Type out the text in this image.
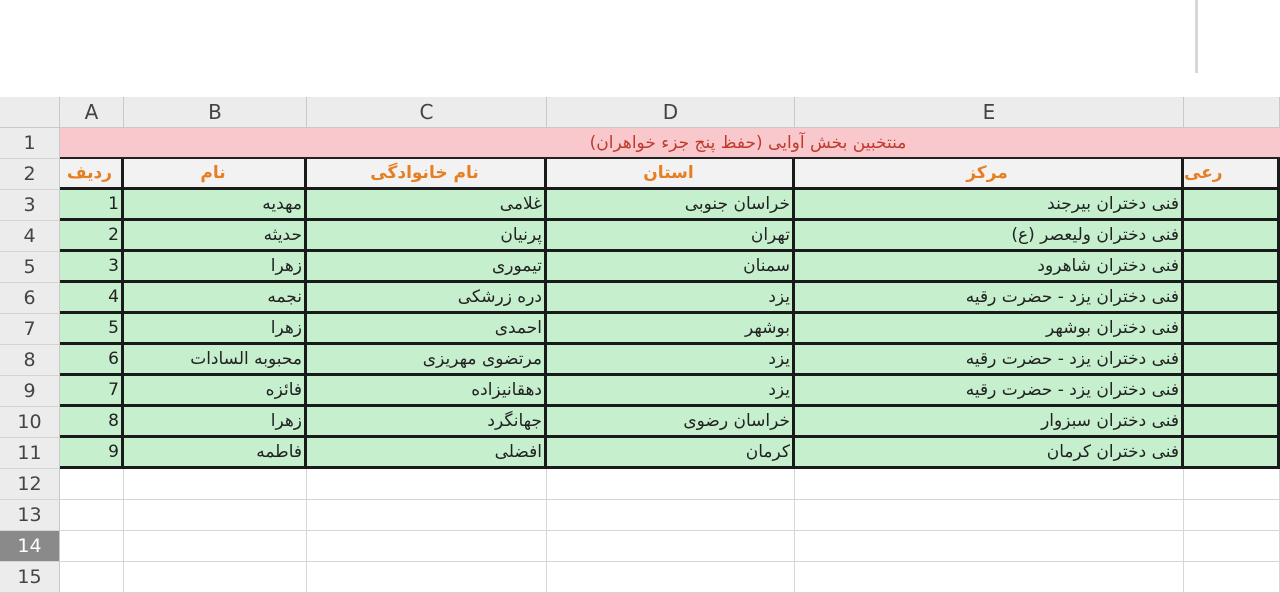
A	B	C	D	E
1
2
3
4
5
6
7
8
9
10
11
12
13
14
15
منتخبین بخش آوایی (حفظ پنج جزء خواهران)
ردیف	نام	نام خانوادگی	استان	مرکز	رعی
1	مهدیه	غلامی	خراسان جنوبی	فنی دختران بیرجند
2	حدیثه	پرنیان	تهران	فنی دختران ولیعصر (ع)
3	زهرا	تیموری	سمنان	فنی دختران شاهرود
4	نجمه	دره زرشکی	یزد	فنی دختران یزد - حضرت رقیه
5	زهرا	احمدی	بوشهر	فنی دختران بوشهر
6	محبوبه السادات	مرتضوی مهریزی	یزد	فنی دختران یزد - حضرت رقیه
7	فائزه	دهقانیزاده	یزد	فنی دختران یزد - حضرت رقیه
8	زهرا	جهانگرد	خراسان رضوی	فنی دختران سبزوار
9	فاطمه	افضلی	کرمان	فنی دختران کرمان
